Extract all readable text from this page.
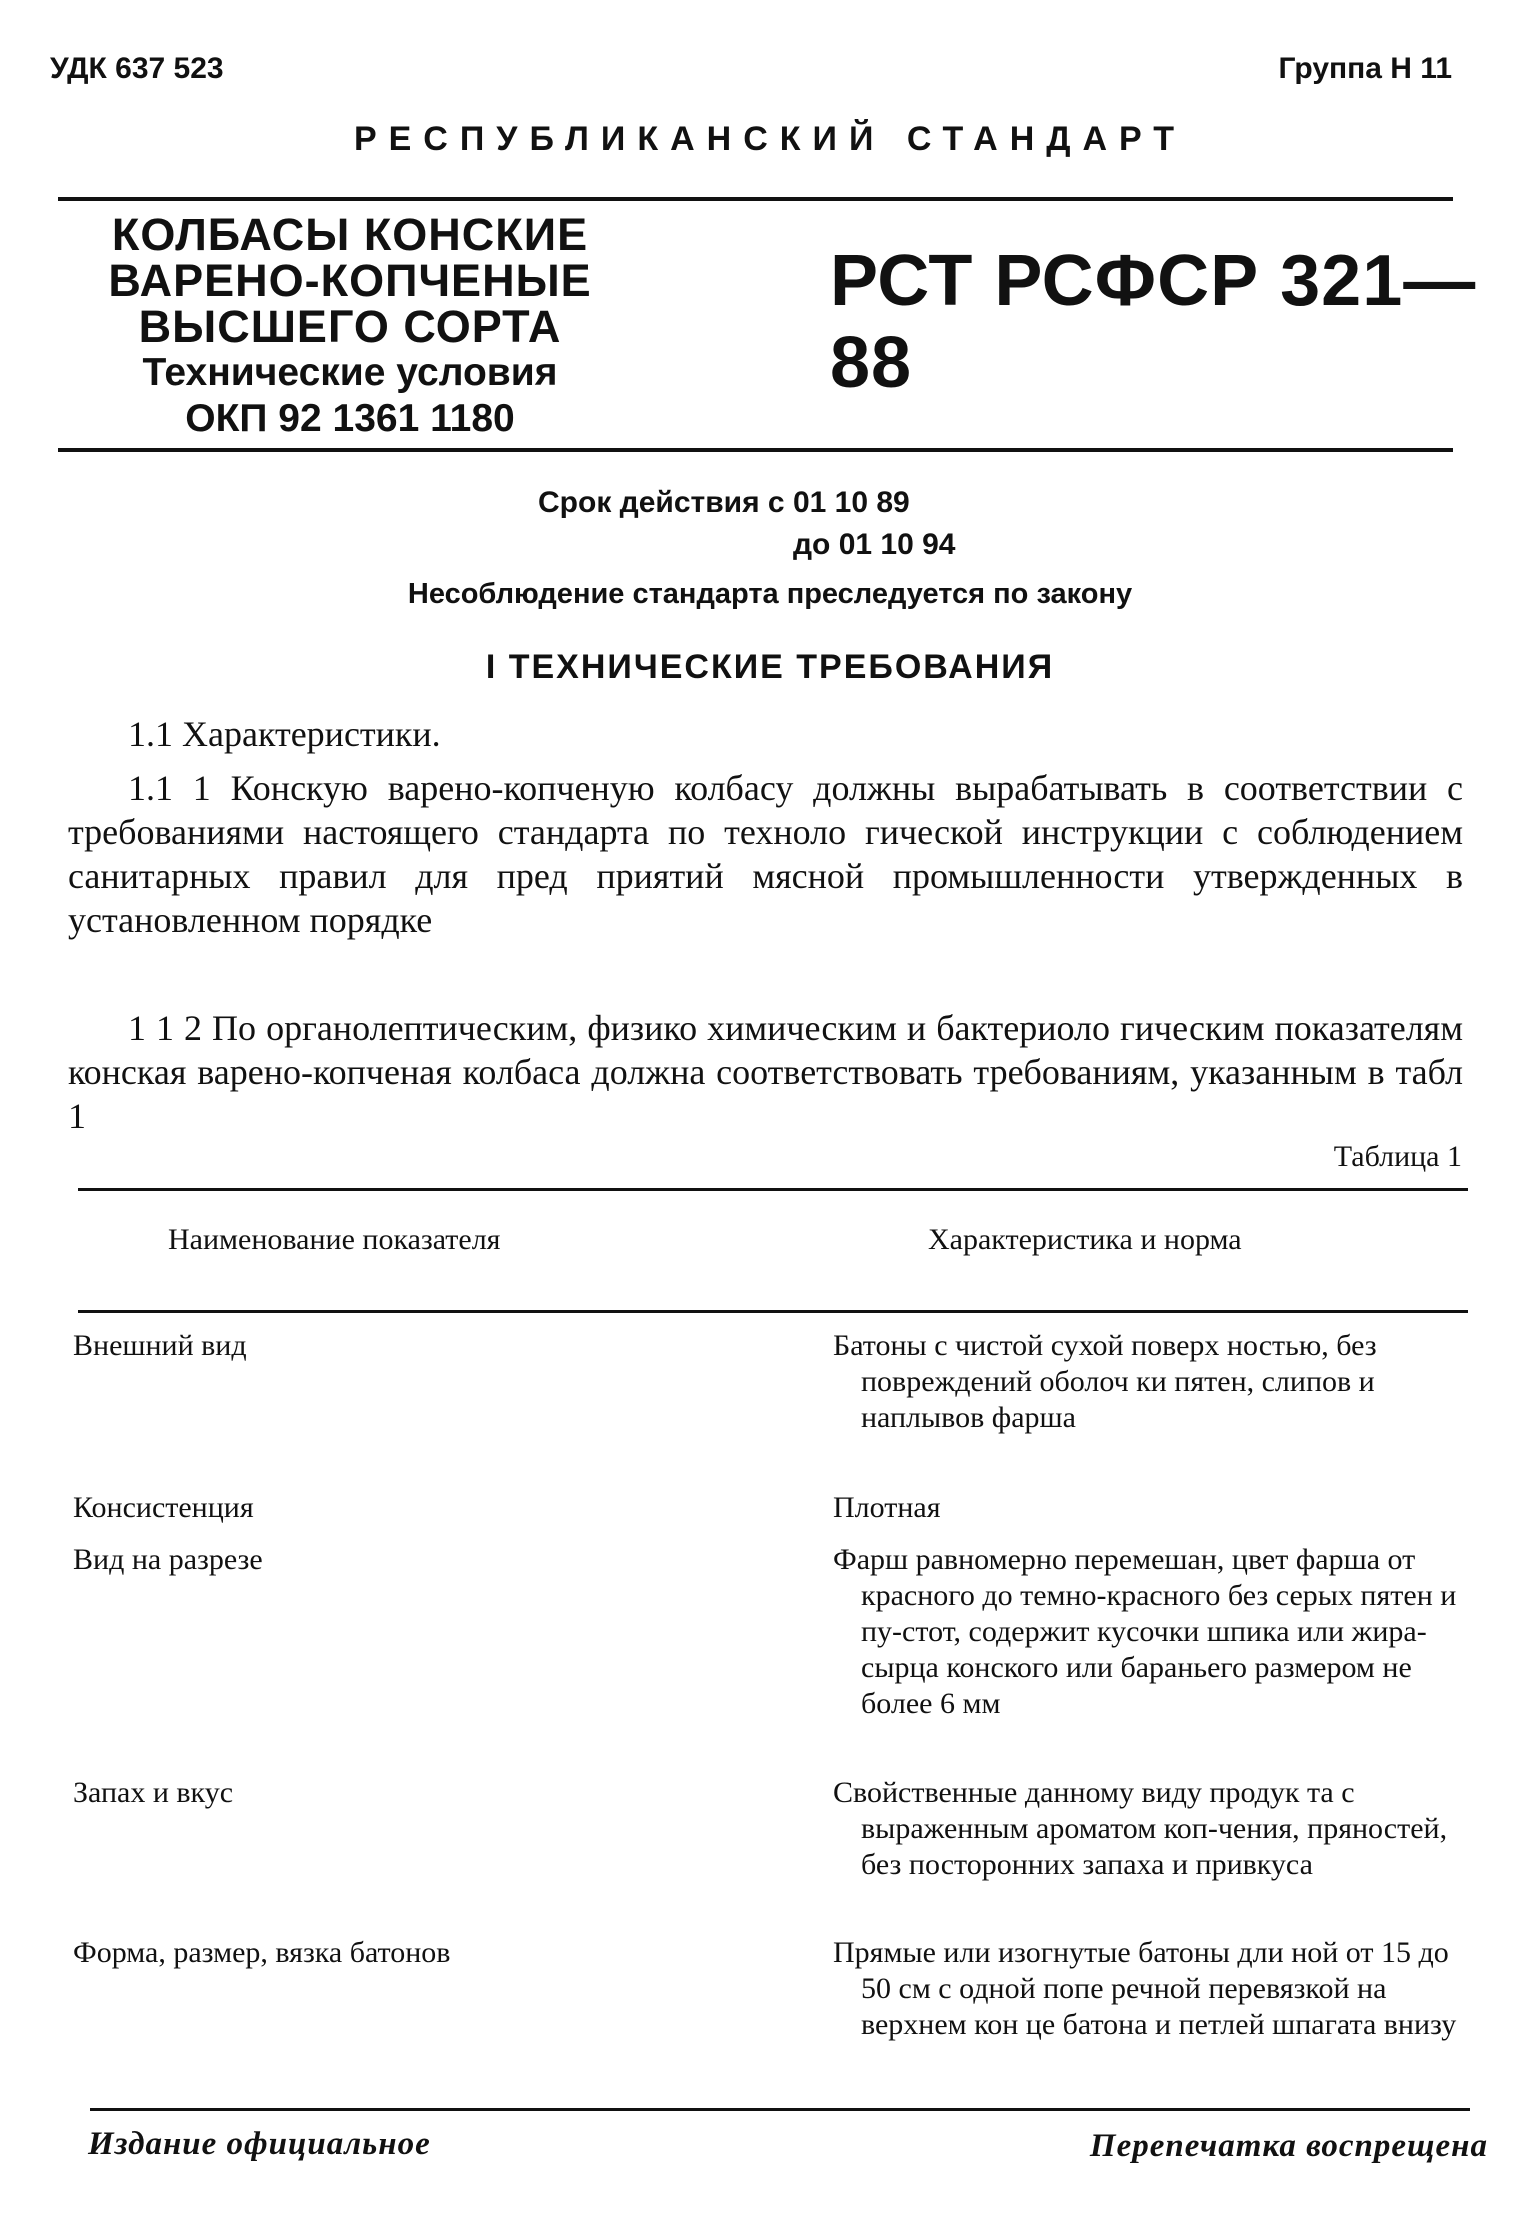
УДК 637 523	Группа Н 11
РЕСПУБЛИКАНСКИЙ СТАНДАРТ
КОЛБАСЫ КОНСКИЕ
ВАРЕНО-КОПЧЕНЫЕ
ВЫСШЕГО СОРТА
Технические условия
ОКП 92 1361 1180
РСТ РСФСР 321—88
Срок действия с 01 10 89
до 01 10 94
Несоблюдение стандарта преследуется по закону
I ТЕХНИЧЕСКИЕ ТРЕБОВАНИЯ
1.1 Характеристики.
1.1 1 Конскую варено-копченую колбасу должны вырабатывать в соответствии с требованиями настоящего стандарта по техноло гической инструкции с соблюдением санитарных правил для пред приятий мясной промышленности утвержденных в установленном порядке
1 1 2 По органолептическим, физико химическим и бактериоло гическим показателям конская варено-копченая колбаса должна соответствовать требованиям, указанным в табл 1
Таблица 1
Наименование показателя	Характеристика и норма
Внешний вид	Батоны с чистой сухой поверх ностью, без повреждений оболоч ки пятен, слипов и наплывов фарша
Консистенция	Плотная
Вид на разрезе	Фарш равномерно перемешан, цвет фарша от красного до темно-красного без серых пятен и пу-стот, содержит кусочки шпика или жира-сырца конского или бараньего размером не более 6 мм
Запах и вкус	Свойственные данному виду продук та с выраженным ароматом коп-чения, пряностей, без посторонних запаха и привкуса
Форма, размер, вязка батонов	Прямые или изогнутые батоны дли ной от 15 до 50 см с одной попе речной перевязкой на верхнем кон це батона и петлей шпагата внизу
Издание официальное	Перепечатка воспрещена
